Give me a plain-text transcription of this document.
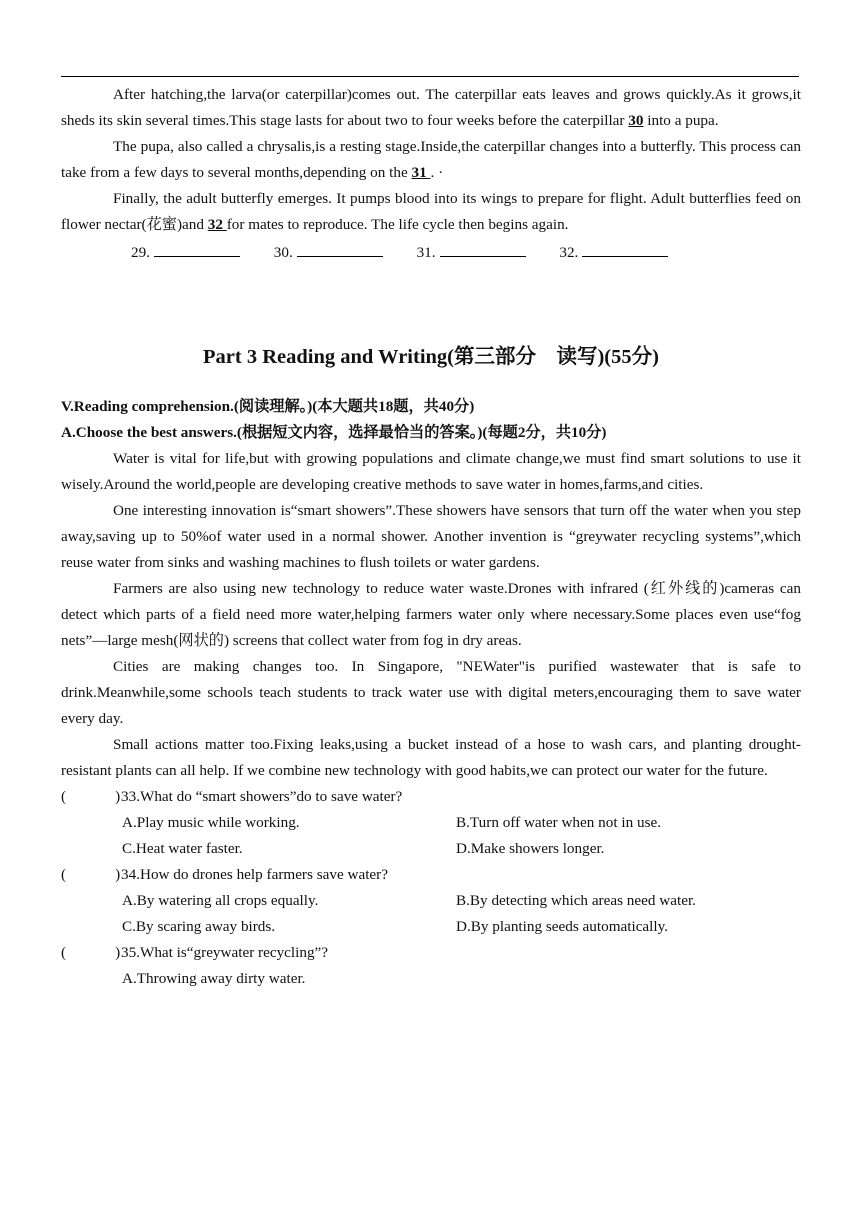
After hatching,the larva(or caterpillar)comes out. The caterpillar eats leaves and grows quickly.As it grows,it sheds its skin several times.This stage lasts for about two to four weeks before the caterpillar 30 into a pupa.

The pupa, also called a chrysalis,is a resting stage.Inside,the caterpillar changes into a butterfly. This process can take from a few days to several months,depending on the 31 . ·

Finally, the adult butterfly emerges. It pumps blood into its wings to prepare for flight. Adult butterflies feed on flower nectar(花蜜)and 32 for mates to reproduce. The life cycle then begins again.

29.	30.	31.	32.

Part 3 Reading and Writing(第三部分　读写)(55分)

V.Reading comprehension.(阅读理解。)(本大题共18题，共40分)

A.Choose the best answers.(根据短文内容，选择最恰当的答案。)(每题2分，共10分)

Water is vital for life,but with growing populations and climate change,we must find smart solutions to use it wisely.Around the world,people are developing creative methods to save water in homes,farms,and cities.

One interesting innovation is“smart showers”.These showers have sensors that turn off the water when you step away,saving up to 50%of water used in a normal shower. Another invention is “greywater recycling systems”,which reuse water from sinks and washing machines to flush toilets or water gardens.

Farmers are also using new technology to reduce water waste.Drones with infrared (红外线的)cameras can detect which parts of a field need more water,helping farmers water only where necessary.Some places even use“fog nets”—large mesh(网状的) screens that collect water from fog in dry areas.

Cities are making changes too. In Singapore, "NEWater"is purified wastewater that is safe to drink.Meanwhile,some schools teach students to track water use with digital meters,encouraging them to save water every day.

Small actions matter too.Fixing leaks,using a bucket instead of a hose to wash cars, and planting drought-resistant plants can all help. If we combine new technology with good habits,we can protect our water for the future.

(	)33.What do “smart showers”do to save water?

A.Play music while working.	B.Turn off water when not in use.
C.Heat water faster.	D.Make showers longer.

(	)34.How do drones help farmers save water?

A.By watering all crops equally.	B.By detecting which areas need water.
C.By scaring away birds.	D.By planting seeds automatically.

(	)35.What is“greywater recycling”?

A.Throwing away dirty water.
